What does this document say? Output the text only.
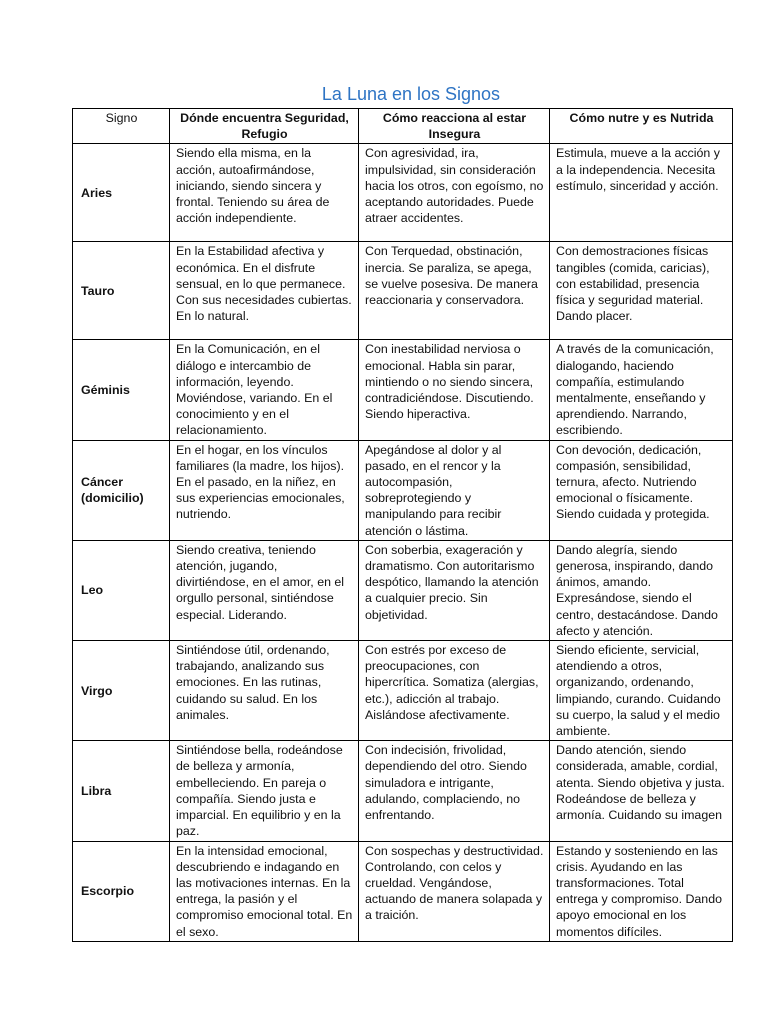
La Luna en los Signos
Signo	Dónde encuentra Seguridad, Refugio	Cómo reacciona al estar Insegura	Cómo nutre y es Nutrida
Aries	Siendo ella misma, en la acción, autoafirmándose, iniciando, siendo sincera y frontal. Teniendo su área de acción independiente.	Con agresividad, ira, impulsividad, sin consideración hacia los otros, con egoísmo, no aceptando autoridades. Puede atraer accidentes.	Estimula, mueve a la acción y a la independencia. Necesita estímulo, sinceridad y acción.
Tauro	En la Estabilidad afectiva y económica. En el disfrute sensual, en lo que permanece. Con sus necesidades cubiertas. En lo natural.	Con Terquedad, obstinación, inercia. Se paraliza, se apega, se vuelve posesiva. De manera reaccionaria y conservadora.	Con demostraciones físicas tangibles (comida, caricias), con estabilidad, presencia física y seguridad material. Dando placer.
Géminis	En la Comunicación, en el diálogo e intercambio de información, leyendo. Moviéndose, variando. En el conocimiento y en el relacionamiento.	Con inestabilidad nerviosa o emocional. Habla sin parar, mintiendo o no siendo sincera, contradiciéndose. Discutiendo. Siendo hiperactiva.	A través de la comunicación, dialogando, haciendo compañía, estimulando mentalmente, enseñando y aprendiendo. Narrando, escribiendo.
Cáncer (domicilio)	En el hogar, en los vínculos familiares (la madre, los hijos). En el pasado, en la niñez, en sus experiencias emocionales, nutriendo.	Apegándose al dolor y al pasado, en el rencor y la autocompasión, sobreprotegiendo y manipulando para recibir atención o lástima.	Con devoción, dedicación, compasión, sensibilidad, ternura, afecto. Nutriendo emocional o físicamente. Siendo cuidada y protegida.
Leo	Siendo creativa, teniendo atención, jugando, divirtiéndose, en el amor, en el orgullo personal, sintiéndose especial. Liderando.	Con soberbia, exageración y dramatismo. Con autoritarismo despótico, llamando la atención a cualquier precio. Sin objetividad.	Dando alegría, siendo generosa, inspirando, dando ánimos, amando. Expresándose, siendo el centro, destacándose. Dando afecto y atención.
Virgo	Sintiéndose útil, ordenando, trabajando, analizando sus emociones. En las rutinas, cuidando su salud. En los animales.	Con estrés por exceso de preocupaciones, con hipercrítica. Somatiza (alergias, etc.), adicción al trabajo. Aislándose afectivamente.	Siendo eficiente, servicial, atendiendo a otros, organizando, ordenando, limpiando, curando. Cuidando su cuerpo, la salud y el medio ambiente.
Libra	Sintiéndose bella, rodeándose de belleza y armonía, embelleciendo. En pareja o compañía. Siendo justa e imparcial. En equilibrio y en la paz.	Con indecisión, frivolidad, dependiendo del otro. Siendo simuladora e intrigante, adulando, complaciendo, no enfrentando.	Dando atención, siendo considerada, amable, cordial, atenta. Siendo objetiva y justa. Rodeándose de belleza y armonía. Cuidando su imagen
Escorpio	En la intensidad emocional, descubriendo e indagando en las motivaciones internas. En la entrega, la pasión y el compromiso emocional total. En el sexo.	Con sospechas y destructividad. Controlando, con celos y crueldad. Vengándose, actuando de manera solapada y a traición.	Estando y sosteniendo en las crisis. Ayudando en las transformaciones. Total entrega y compromiso. Dando apoyo emocional en los momentos difíciles.
